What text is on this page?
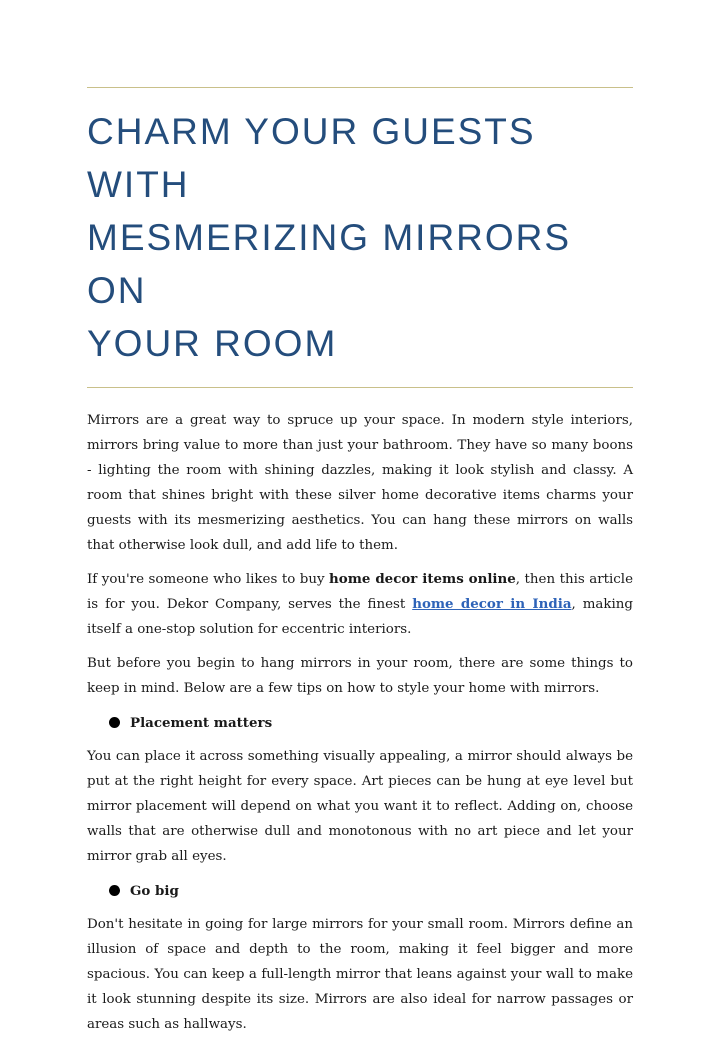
CHARM YOUR GUESTS WITH
MESMERIZING MIRRORS ON
YOUR ROOM

Mirrors are a great way to spruce up your space. In modern style interiors, mirrors bring value to more than just your bathroom. They have so many boons - lighting the room with shining dazzles, making it look stylish and classy. A room that shines bright with these silver home decorative items charms your guests with its mesmerizing aesthetics. You can hang these mirrors on walls that otherwise look dull, and add life to them.

If you're someone who likes to buy home decor items online, then this article is for you. Dekor Company, serves the finest home decor in India, making itself a one-stop solution for eccentric interiors.

But before you begin to hang mirrors in your room, there are some things to keep in mind. Below are a few tips on how to style your home with mirrors.

Placement matters

You can place it across something visually appealing, a mirror should always be put at the right height for every space. Art pieces can be hung at eye level but mirror placement will depend on what you want it to reflect. Adding on, choose walls that are otherwise dull and monotonous with no art piece and let your mirror grab all eyes.

Go big

Don't hesitate in going for large mirrors for your small room. Mirrors define an illusion of space and depth to the room, making it feel bigger and more spacious. You can keep a full-length mirror that leans against your wall to make it look stunning despite its size. Mirrors are also ideal for narrow passages or areas such as hallways.
